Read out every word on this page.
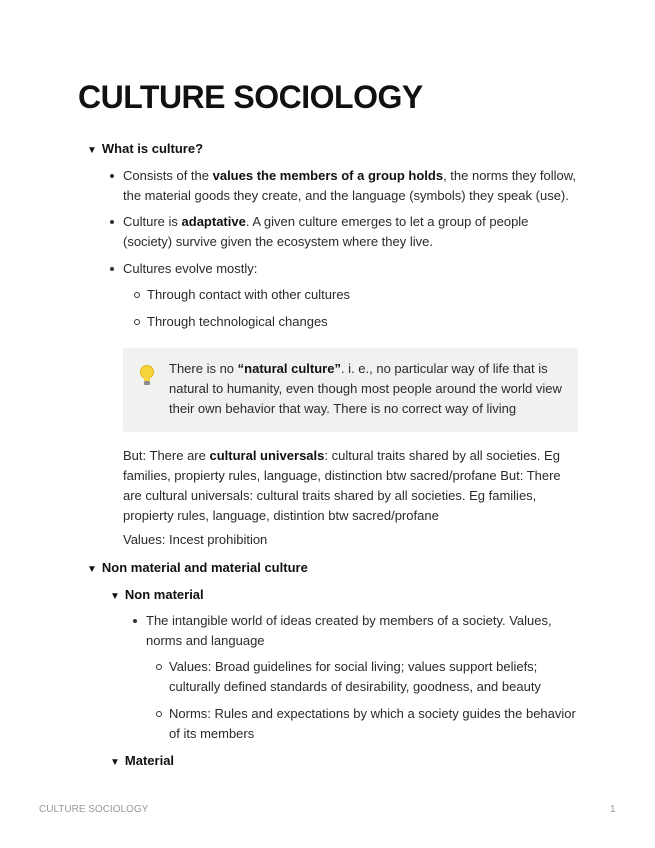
CULTURE SOCIOLOGY
▼ What is culture?
Consists of the values the members of a group holds, the norms they follow, the material goods they create, and the language (symbols) they speak (use).
Culture is adaptative. A given culture emerges to let a group of people (society) survive given the ecosystem where they live.
Cultures evolve mostly:
Through contact with other cultures
Through technological changes
There is no “natural culture”. i. e., no particular way of life that is natural to humanity, even though most people around the world view their own behavior that way. There is no correct way of living
But: There are cultural universals: cultural traits shared by all societies. Eg families, propierty rules, language, distinction btw sacred/profane But: There are cultural universals: cultural traits shared by all societies. Eg families, propierty rules, language, distintion btw sacred/profane
Values: Incest prohibition
▼ Non material and material culture
▼ Non material
The intangible world of ideas created by members of a society. Values, norms and language
Values: Broad guidelines for social living; values support beliefs; culturally defined standards of desirability, goodness, and beauty
Norms: Rules and expectations by which a society guides the behavior of its members
▼ Material
CULTURE SOCIOLOGY	1
